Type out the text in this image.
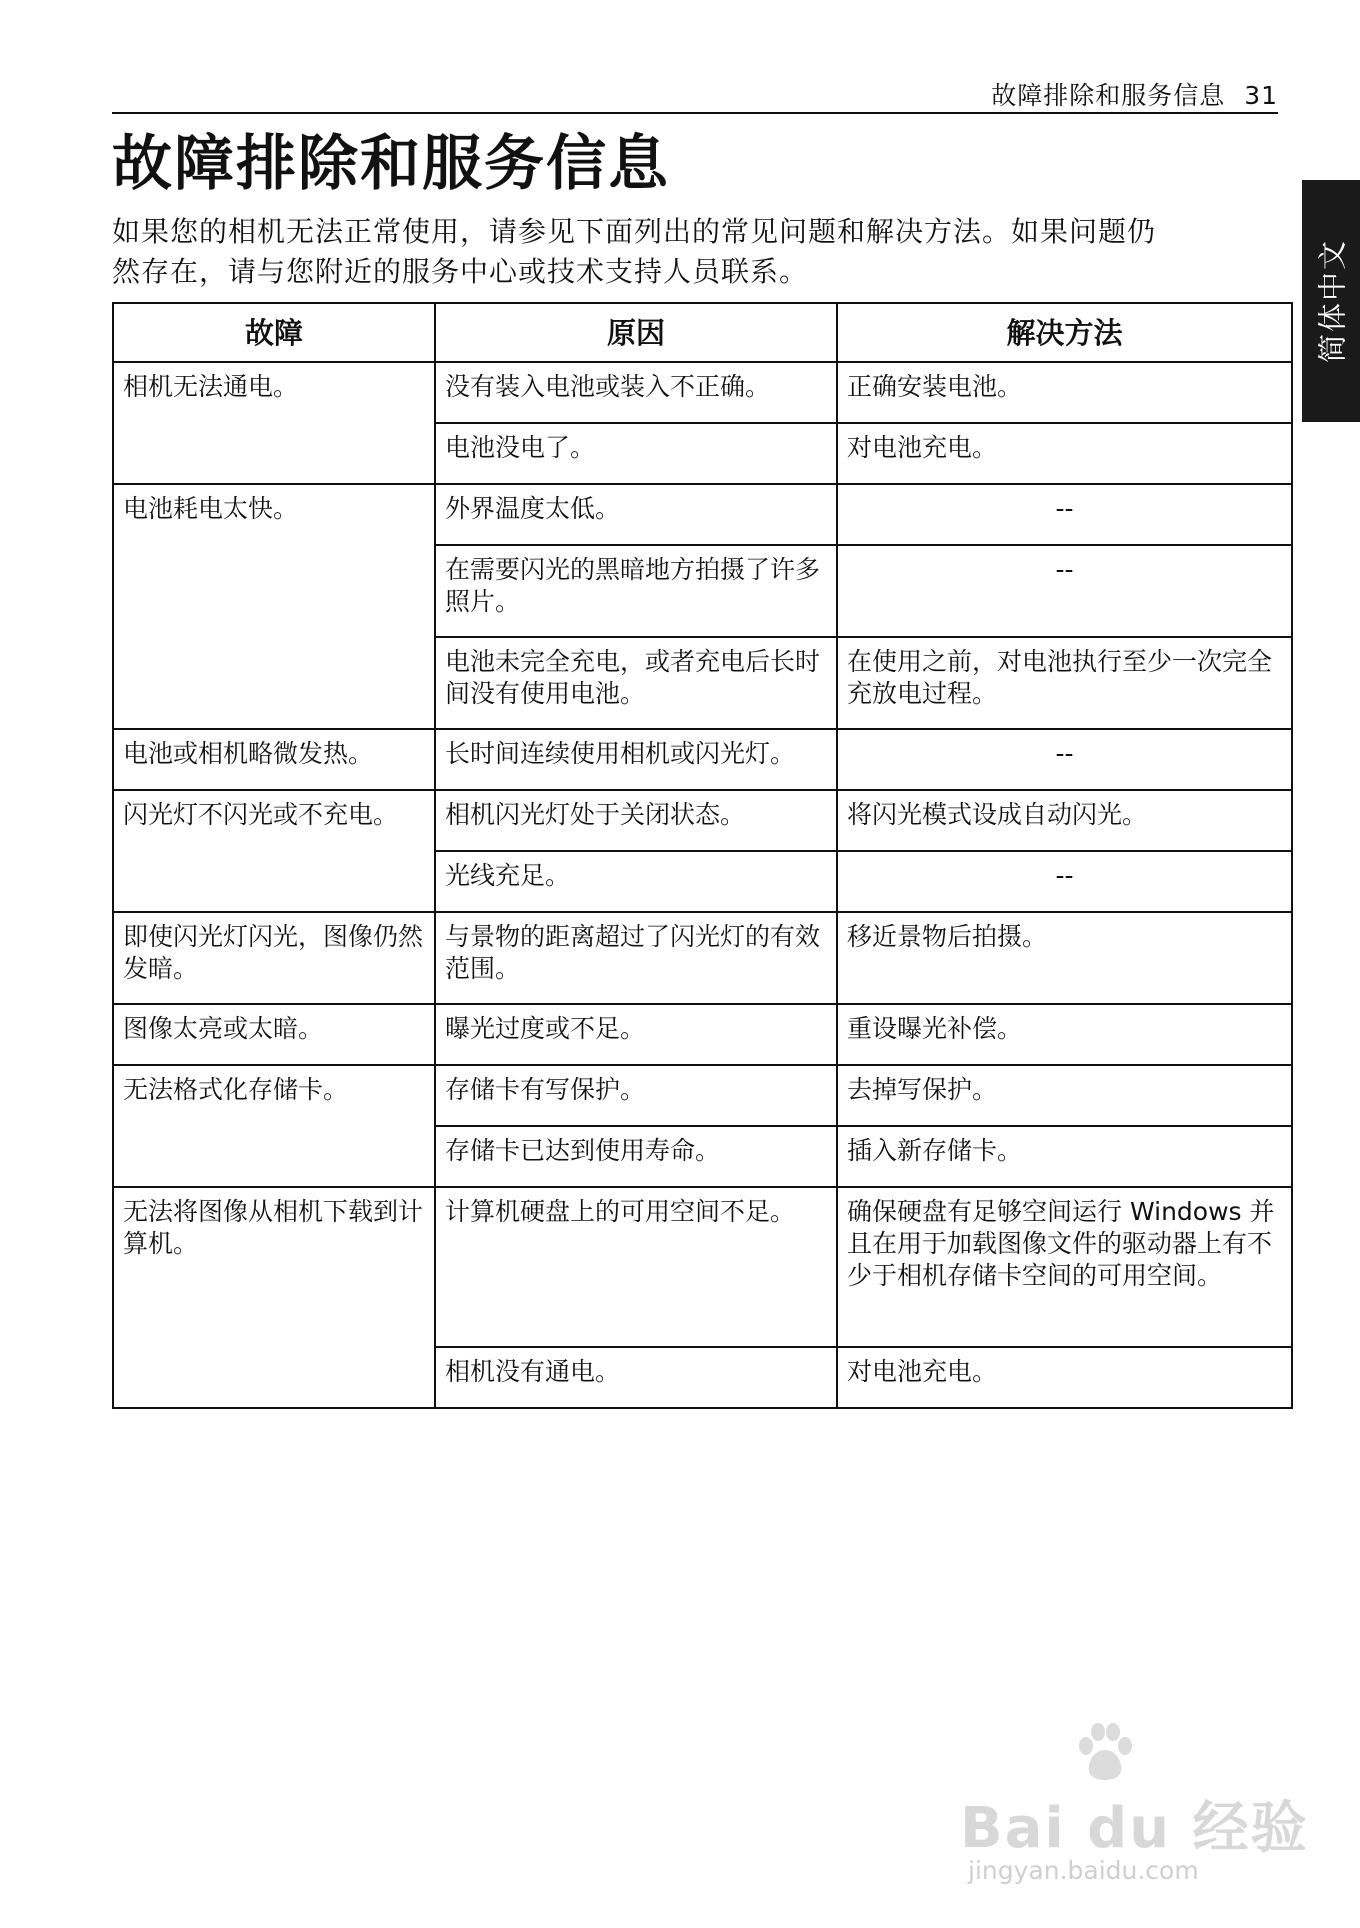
故障排除和服务信息 31
故障排除和服务信息

如果您的相机无法正常使用，请参见下面列出的常见问题和解决方法。如果问题仍
然存在，请与您附近的服务中心或技术支持人员联系。	简体中文
故障	原因	解决方法
相机无法通电。	没有装入电池或装入不正确。	正确安装电池。
	电池没电了。	对电池充电。
电池耗电太快。	外界温度太低。	--
	在需要闪光的黑暗地方拍摄了许多照片。	--
	电池未完全充电，或者充电后长时间没有使用电池。	在使用之前，对电池执行至少一次完全充放电过程。
电池或相机略微发热。	长时间连续使用相机或闪光灯。	--
闪光灯不闪光或不充电。	相机闪光灯处于关闭状态。	将闪光模式设成自动闪光。
	光线充足。	--
即使闪光灯闪光，图像仍然发暗。	与景物的距离超过了闪光灯的有效范围。	移近景物后拍摄。
图像太亮或太暗。	曝光过度或不足。	重设曝光补偿。
无法格式化存储卡。	存储卡有写保护。	去掉写保护。
	存储卡已达到使用寿命。	插入新存储卡。
无法将图像从相机下载到计算机。	计算机硬盘上的可用空间不足。	确保硬盘有足够空间运行 Windows 并且在用于加载图像文件的驱动器上有不少于相机存储卡空间的可用空间。
	相机没有通电。	对电池充电。
Bai du 经验
jingyan.baidu.com
